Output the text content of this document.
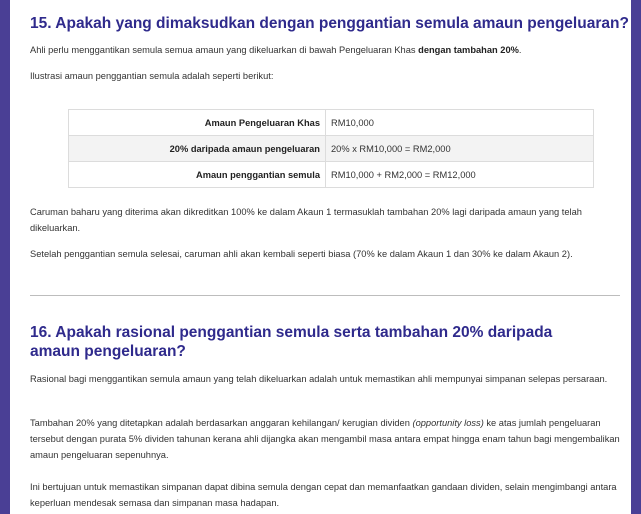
15. Apakah yang dimaksudkan dengan penggantian semula amaun pengeluaran?

Ahli perlu menggantikan semula semua amaun yang dikeluarkan di bawah Pengeluaran Khas dengan tambahan 20%.

Ilustrasi amaun penggantian semula adalah seperti berikut:

Amaun Pengeluaran Khas	RM10,000
20% daripada amaun pengeluaran	20% x RM10,000 = RM2,000
Amaun penggantian semula	RM10,000 + RM2,000 = RM12,000

Caruman baharu yang diterima akan dikreditkan 100% ke dalam Akaun 1 termasuklah tambahan 20% lagi daripada amaun yang telah dikeluarkan.

Setelah penggantian semula selesai, caruman ahli akan kembali seperti biasa (70% ke dalam Akaun 1 dan 30% ke dalam Akaun 2).

16. Apakah rasional penggantian semula serta tambahan 20% daripada amaun pengeluaran?

Rasional bagi menggantikan semula amaun yang telah dikeluarkan adalah untuk memastikan ahli mempunyai simpanan selepas persaraan.

Tambahan 20% yang ditetapkan adalah berdasarkan anggaran kehilangan/ kerugian dividen (opportunity loss) ke atas jumlah pengeluaran tersebut dengan purata 5% dividen tahunan kerana ahli dijangka akan mengambil masa antara empat hingga enam tahun bagi mengembalikan amaun pengeluaran sepenuhnya.

Ini bertujuan untuk memastikan simpanan dapat dibina semula dengan cepat dan memanfaatkan gandaan dividen, selain mengimbangi antara keperluan mendesak semasa dan simpanan masa hadapan.
